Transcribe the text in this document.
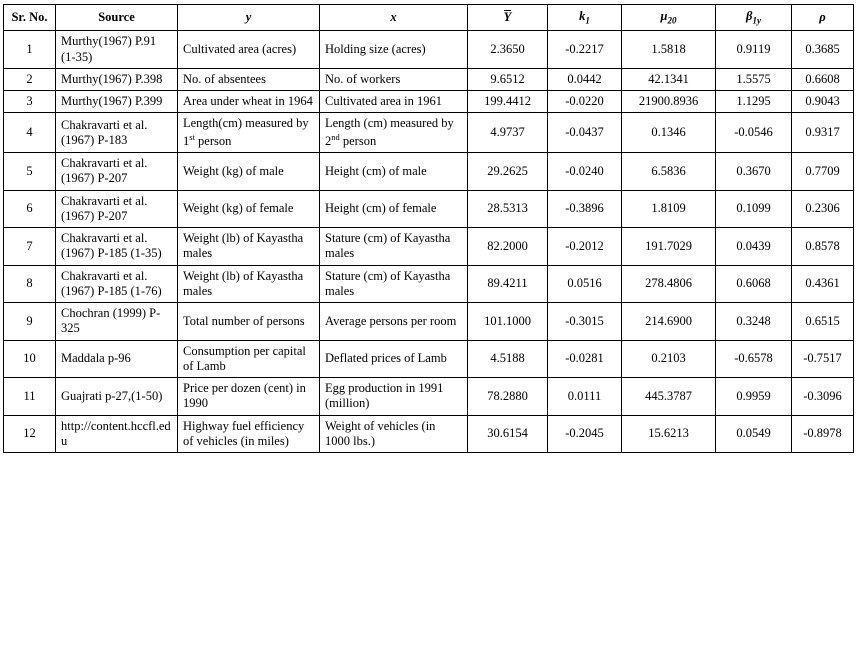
Sr. No.	Source	y	x	Y	$k_1$	$\mu_{20}$	$\beta_{1y}$	ρ
1	Murthy(1967) P.91 (1-35)	Cultivated area (acres)	Holding size (acres)	2.3650	-0.2217	1.5818	0.9119	0.3685
2	Murthy(1967) P.398	No. of absentees	No. of workers	9.6512	0.0442	42.1341	1.5575	0.6608
3	Murthy(1967) P.399	Area under wheat in 1964	Cultivated area in 1961	199.4412	-0.0220	21900.8936	1.1295	0.9043
4	Chakravarti et al.(1967) P-183	Length(cm) measured by 1st person	Length (cm) measured by 2nd person	4.9737	-0.0437	0.1346	-0.0546	0.9317
5	Chakravarti et al.(1967) P-207	Weight (kg) of male	Height (cm) of male	29.2625	-0.0240	6.5836	0.3670	0.7709
6	Chakravarti et al.(1967) P-207	Weight (kg) of female	Height (cm) of female	28.5313	-0.3896	1.8109	0.1099	0.2306
7	Chakravarti et al.(1967) P-185 (1-35)	Weight (lb) of Kayastha males	Stature (cm) of Kayastha males	82.2000	-0.2012	191.7029	0.0439	0.8578
8	Chakravarti et al.(1967) P-185 (1-76)	Weight (lb) of Kayastha males	Stature (cm) of Kayastha males	89.4211	0.0516	278.4806	0.6068	0.4361
9	Chochran (1999) P-325	Total number of persons	Average persons per room	101.1000	-0.3015	214.6900	0.3248	0.6515
10	Maddala p-96	Consumption per capital of Lamb	Deflated prices of Lamb	4.5188	-0.0281	0.2103	-0.6578	-0.7517
11	Guajrati p-27,(1-50)	Price per dozen (cent) in 1990	Egg production in 1991 (million)	78.2880	0.0111	445.3787	0.9959	-0.3096
12	http://content.hccfl.edu	Highway fuel efficiency of vehicles (in miles)	Weight of vehicles (in 1000 lbs.)	30.6154	-0.2045	15.6213	0.0549	-0.8978
